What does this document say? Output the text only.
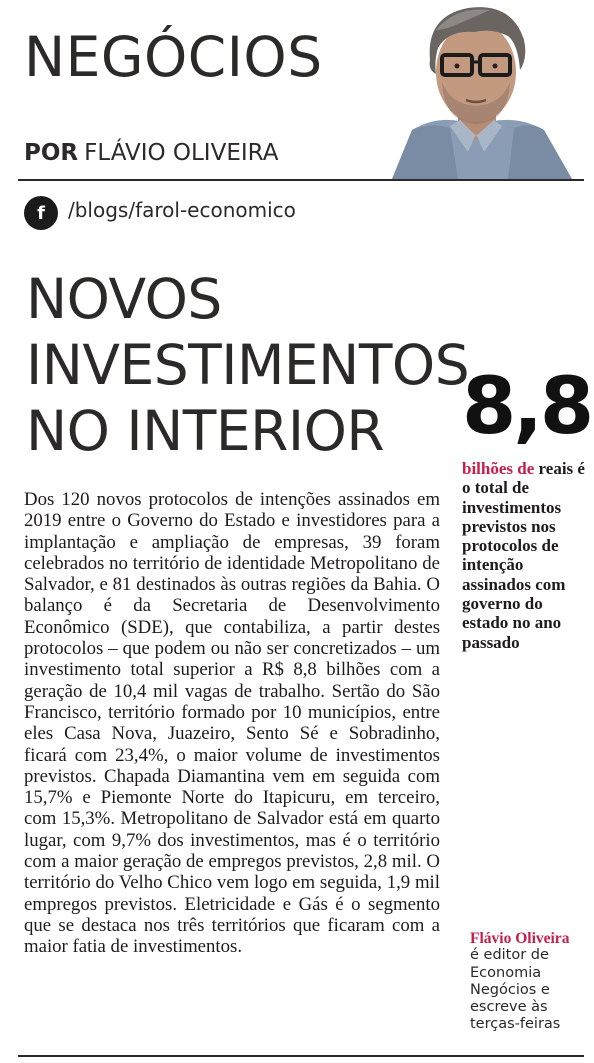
NEGÓCIOS
POR FLÁVIO OLIVEIRA
f	/blogs/farol-economico
NOVOS
INVESTIMENTOS
NO INTERIOR 8,8
bilhões de reais é o total de investimentos previstos nos protocolos de intenção assinados com governo do estado no ano passado

Dos 120 novos protocolos de intenções assinados em 2019 entre o Governo do Estado e investidores para a implantação e ampliação de empresas, 39 foram celebrados no território de identidade Metropolitano de Salvador, e 81 destinados às outras regiões da Bahia. O balanço é da Secretaria de Desenvolvimento Econômico (SDE), que contabiliza, a partir destes protocolos – que podem ou não ser concretizados – um investimento total superior a R$ 8,8 bilhões com a geração de 10,4 mil vagas de trabalho. Sertão do São Francisco, território formado por 10 municípios, entre eles Casa Nova, Juazeiro, Sento Sé e Sobradinho, ficará com 23,4%, o maior volume de investimentos previstos. Chapada Diamantina vem em seguida com 15,7% e Piemonte Norte do Itapicuru, em terceiro, com 15,3%. Metropolitano de Salvador está em quarto lugar, com 9,7% dos investimentos, mas é o território com a maior geração de empregos previstos, 2,8 mil. O território do Velho Chico vem logo em seguida, 1,9 mil empregos previstos. Eletricidade e Gás é o segmento que se destaca nos três territórios que ficaram com a maior fatia de investimentos.	Flávio Oliveira
é editor de Economia Negócios e escreve às terças-feiras
